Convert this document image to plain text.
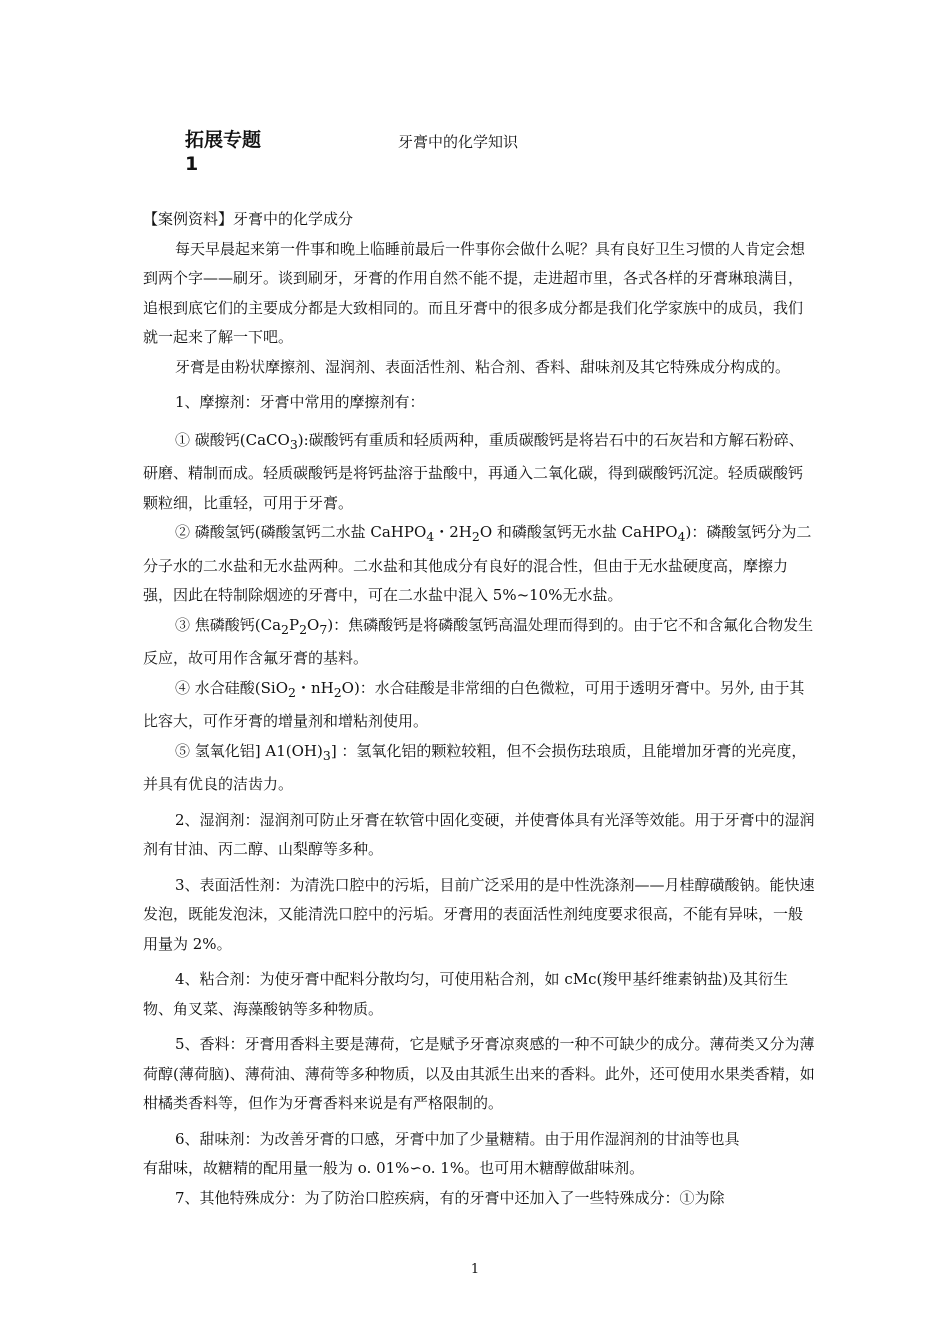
拓展专题
1
牙膏中的化学知识

【案例资料】牙膏中的化学成分

每天早晨起来第一件事和晚上临睡前最后一件事你会做什么呢？具有良好卫生习惯的人肯定会想到两个字——刷牙。谈到刷牙，牙膏的作用自然不能不提，走进超市里，各式各样的牙膏琳琅满目，追根到底它们的主要成分都是大致相同的。而且牙膏中的很多成分都是我们化学家族中的成员，我们就一起来了解一下吧。

牙膏是由粉状摩擦剂、湿润剂、表面活性剂、粘合剂、香料、甜味剂及其它特殊成分构成的。

1、摩擦剂：牙膏中常用的摩擦剂有：

① 碳酸钙(CaCO$_3$):碳酸钙有重质和轻质两种，重质碳酸钙是将岩石中的石灰岩和方解石粉碎、研磨、精制而成。轻质碳酸钙是将钙盐溶于盐酸中，再通入二氧化碳，得到碳酸钙沉淀。轻质碳酸钙颗粒细，比重轻，可用于牙膏。

② 磷酸氢钙(磷酸氢钙二水盐 CaHPO$_4$・$2H_2O$ 和磷酸氢钙无水盐 CaHPO$_4$)：磷酸氢钙分为二分子水的二水盐和无水盐两种。二水盐和其他成分有良好的混合性，但由于无水盐硬度高，摩擦力强，因此在特制除烟迹的牙膏中，可在二水盐中混入 5%~10%无水盐。

③ 焦磷酸钙$(Ca_2P_2O_7)$：焦磷酸钙是将磷酸氢钙高温处理而得到的。由于它不和含氟化合物发生反应，故可用作含氟牙膏的基料。

④ 水合硅酸(SiO$_2$・$nH_2O$)：水合硅酸是非常细的白色微粒，可用于透明牙膏中。另外, 由于其比容大，可作牙膏的增量剂和增粘剂使用。

⑤ 氢氧化铝] $A1(OH)_3$] ：氢氧化铝的颗粒较粗，但不会损伤珐琅质，且能增加牙膏的光亮度，并具有优良的洁齿力。

2、湿润剂：湿润剂可防止牙膏在软管中固化变硬，并使膏体具有光泽等效能。用于牙膏中的湿润剂有甘油、丙二醇、山梨醇等多种。

3、表面活性剂：为清洗口腔中的污垢，目前广泛采用的是中性洗涤剂——月桂醇磺酸钠。能快速发泡，既能发泡沫，又能清洗口腔中的污垢。牙膏用的表面活性剂纯度要求很高，不能有异味，一般用量为 2%。

4、粘合剂：为使牙膏中配料分散均匀，可使用粘合剂，如 cMc(羧甲基纤维素钠盐)及其衍生物、角叉菜、海藻酸钠等多种物质。

5、香料：牙膏用香料主要是薄荷，它是赋予牙膏凉爽感的一种不可缺少的成分。薄荷类又分为薄荷醇(薄荷脑)、薄荷油、薄荷等多种物质，以及由其派生出来的香料。此外，还可使用水果类香精，如柑橘类香料等，但作为牙膏香料来说是有严格限制的。

6、甜味剂：为改善牙膏的口感，牙膏中加了少量糖精。由于用作湿润剂的甘油等也具

有甜味，故糖精的配用量一般为 o. 01%∽o. 1%。也可用木糖醇做甜味剂。

7、其他特殊成分：为了防治口腔疾病，有的牙膏中还加入了一些特殊成分：①为除

1
